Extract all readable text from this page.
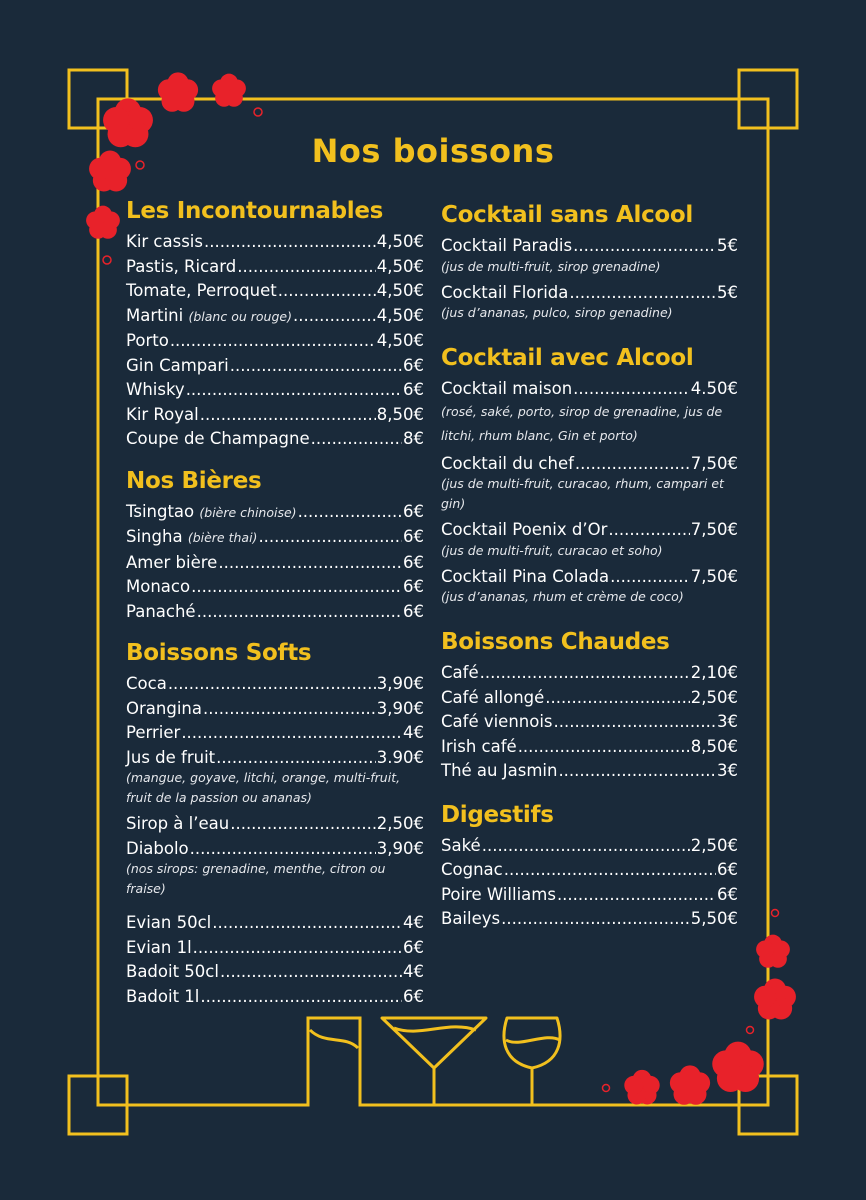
Nos boissons
Les Incontournables
Kir cassis .....	4,50€
Pastis, Ricard .....	4,50€
Tomate, Perroquet .....	4,50€
Martini (blanc ou rouge) .....	4,50€
Porto .....	4,50€
Gin Campari .....	6€
Whisky .....	6€
Kir Royal .....	8,50€
Coupe de Champagne .....	8€
Nos Bières
Tsingtao (bière chinoise) .....	6€
Singha (bière thai) .....	6€
Amer bière .....	6€
Monaco .....	6€
Panaché .....	6€
Boissons Softs
Coca .....	3,90€
Orangina .....	3,90€
Perrier .....	4€
Jus de fruit .....	3.90€
(mangue, goyave, litchi, orange, multi-fruit, fruit de la passion ou ananas)
Sirop à l’eau .....	2,50€
Diabolo .....	3,90€
(nos sirops: grenadine, menthe, citron ou fraise)
Evian 50cl .....	4€
Evian 1l .....	6€
Badoit 50cl .....	4€
Badoit 1l .....	6€
Cocktail sans Alcool
Cocktail Paradis .....	5€
(jus de multi-fruit, sirop grenadine)
Cocktail Florida .....	5€
(jus d’ananas, pulco, sirop genadine)
Cocktail avec Alcool
Cocktail maison .....	4.50€
(rosé, saké, porto, sirop de grenadine, jus de litchi, rhum blanc, Gin et porto)
Cocktail du chef .....	7,50€
(jus de multi-fruit, curacao, rhum, campari et gin)
Cocktail Poenix d’Or .....	7,50€
(jus de multi-fruit, curacao et soho)
Cocktail Pina Colada .....	7,50€
(jus d’ananas, rhum et crème de coco)
Boissons Chaudes
Café .....	2,10€
Café allongé .....	2,50€
Café viennois .....	3€
Irish café .....	8,50€
Thé au Jasmin .....	3€
Digestifs
Saké .....	2,50€
Cognac .....	6€
Poire Williams .....	6€
Baileys .....	5,50€
